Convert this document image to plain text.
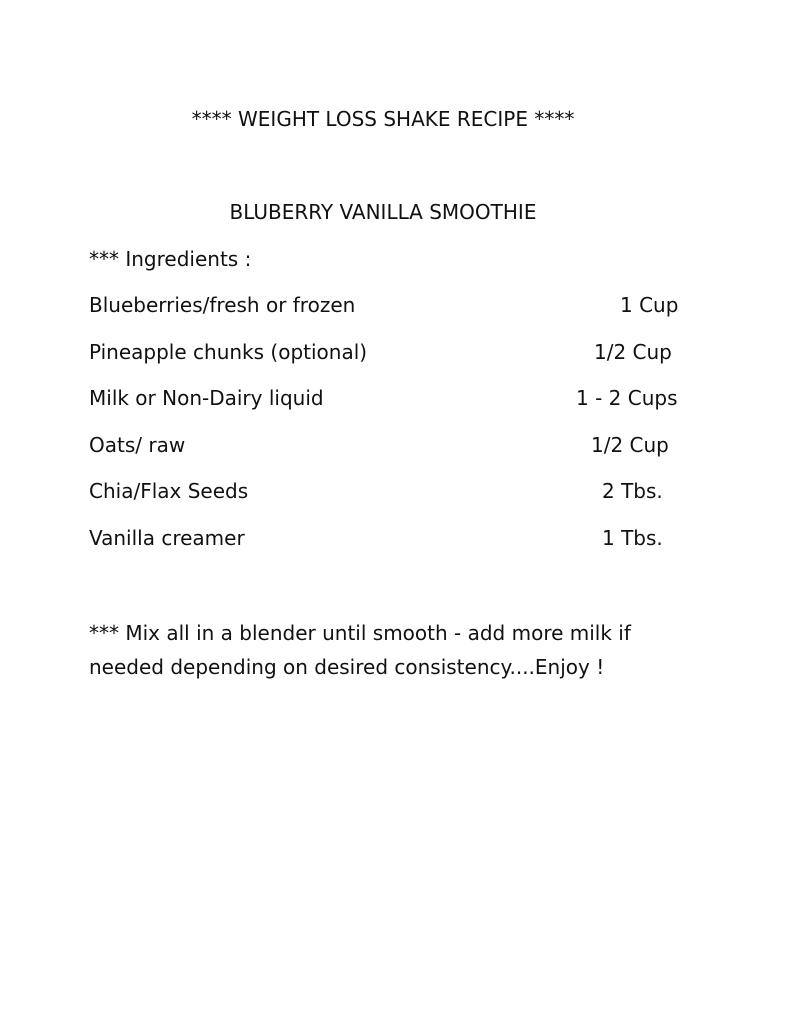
**** WEIGHT LOSS SHAKE RECIPE ****
BLUBERRY VANILLA SMOOTHIE
*** Ingredients :
Blueberries/fresh or frozen	1 Cup
Pineapple chunks (optional)	1/2 Cup
Milk or Non-Dairy liquid	1 - 2 Cups
Oats/ raw	1/2 Cup
Chia/Flax Seeds	2 Tbs.
Vanilla creamer	1 Tbs.

*** Mix all in a blender until smooth - add more milk if

needed depending on desired consistency....Enjoy !
